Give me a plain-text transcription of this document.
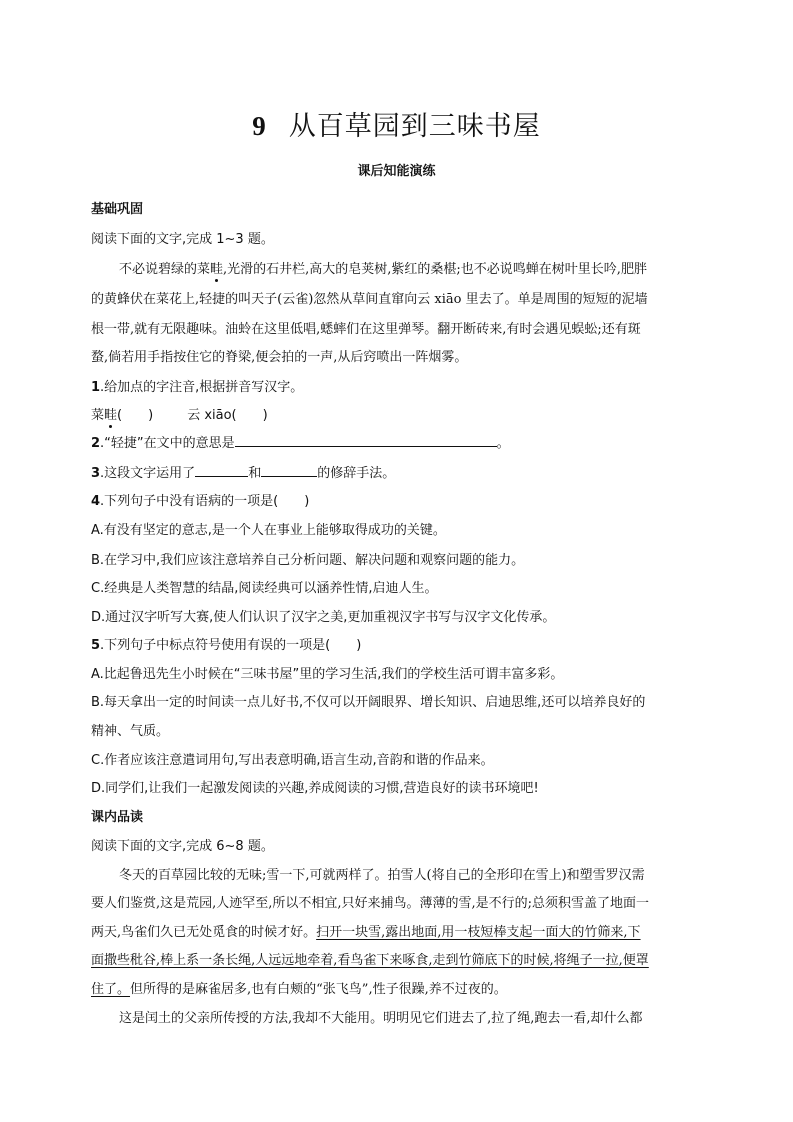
9 从百草园到三味书屋
课后知能演练
基础巩固
阅读下面的文字,完成 1~3 题。
不必说碧绿的菜畦,光滑的石井栏,高大的皂荚树,紫红的桑椹;也不必说鸣蝉在树叶里长吟,肥胖
的黄蜂伏在菜花上,轻捷的叫天子(云雀)忽然从草间直窜向云 xiāo 里去了。单是周围的短短的泥墙
根一带,就有无限趣味。油蛉在这里低唱,蟋蟀们在这里弹琴。翻开断砖来,有时会遇见蜈蚣;还有斑
蝥,倘若用手指按住它的脊梁,便会拍的一声,从后窍喷出一阵烟雾。
1.给加点的字注音,根据拼音写汉字。
菜畦(　　)	云 xiāo(　　)
2.“轻捷”在文中的意思是	。
3.这段文字运用了	和	的修辞手法。
4.下列句子中没有语病的一项是(　　)
A.有没有坚定的意志,是一个人在事业上能够取得成功的关键。
B.在学习中,我们应该注意培养自己分析问题、解决问题和观察问题的能力。
C.经典是人类智慧的结晶,阅读经典可以涵养性情,启迪人生。
D.通过汉字听写大赛,使人们认识了汉字之美,更加重视汉字书写与汉字文化传承。
5.下列句子中标点符号使用有误的一项是(　　)
A.比起鲁迅先生小时候在“三味书屋”里的学习生活,我们的学校生活可谓丰富多彩。
B.每天拿出一定的时间读一点儿好书,不仅可以开阔眼界、增长知识、启迪思维,还可以培养良好的
精神、气质。
C.作者应该注意遣词用句,写出表意明确,语言生动,音韵和谐的作品来。
D.同学们,让我们一起激发阅读的兴趣,养成阅读的习惯,营造良好的读书环境吧!
课内品读
阅读下面的文字,完成 6~8 题。
冬天的百草园比较的无味;雪一下,可就两样了。拍雪人(将自己的全形印在雪上)和塑雪罗汉需
要人们鉴赏,这是荒园,人迹罕至,所以不相宜,只好来捕鸟。薄薄的雪,是不行的;总须积雪盖了地面一
两天,鸟雀们久已无处觅食的时候才好。扫开一块雪,露出地面,用一枝短棒支起一面大的竹筛来,下
面撒些秕谷,棒上系一条长绳,人远远地牵着,看鸟雀下来啄食,走到竹筛底下的时候,将绳子一拉,便罩
住了。但所得的是麻雀居多,也有白颊的“张飞鸟”,性子很躁,养不过夜的。
这是闰土的父亲所传授的方法,我却不大能用。明明见它们进去了,拉了绳,跑去一看,却什么都
